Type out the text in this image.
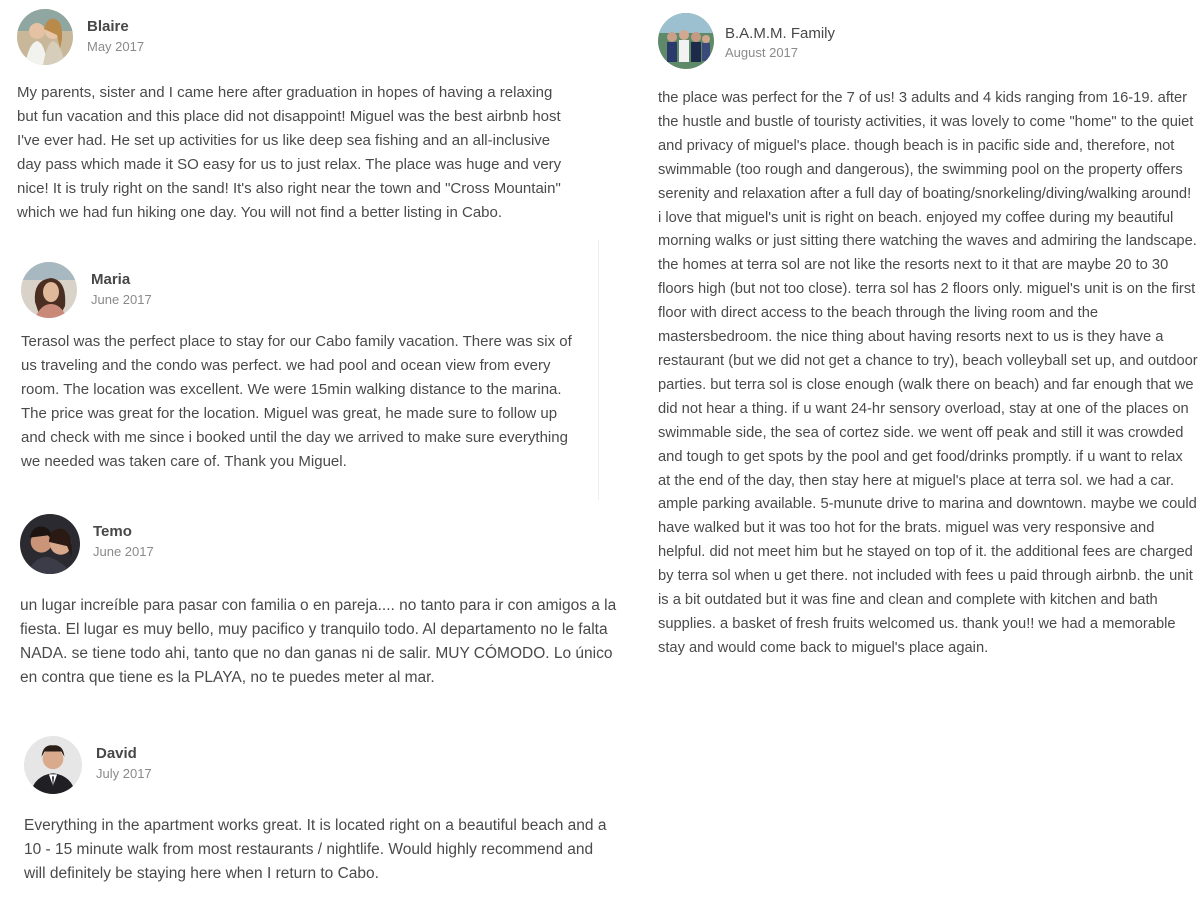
Blaire

May 2017

My parents, sister and I came here after graduation in hopes of having a relaxing but fun vacation and this place did not disappoint! Miguel was the best airbnb host I've ever had. He set up activities for us like deep sea fishing and an all-inclusive day pass which made it SO easy for us to just relax. The place was huge and very nice! It is truly right on the sand! It's also right near the town and "Cross Mountain" which we had fun hiking one day. You will not find a better listing in Cabo.

Maria

June 2017

Terasol was the perfect place to stay for our Cabo family vacation. There was six of us traveling and the condo was perfect. we had pool and ocean view from every room. The location was excellent. We were 15min walking distance to the marina. The price was great for the location. Miguel was great, he made sure to follow up and check with me since i booked until the day we arrived to make sure everything we needed was taken care of. Thank you Miguel.

Temo

June 2017

un lugar increíble para pasar con familia o en pareja.... no tanto para ir con amigos a la fiesta. El lugar es muy bello, muy pacifico y tranquilo todo. Al departamento no le falta NADA. se tiene todo ahi, tanto que no dan ganas ni de salir. MUY CÓMODO. Lo único en contra que tiene es la PLAYA, no te puedes meter al mar.

David

July 2017

Everything in the apartment works great. It is located right on a beautiful beach and a 10 - 15 minute walk from most restaurants / nightlife. Would highly recommend and will definitely be staying here when I return to Cabo.

B.A.M.M. Family

August 2017

the place was perfect for the 7 of us! 3 adults and 4 kids ranging from 16-19. after the hustle and bustle of touristy activities, it was lovely to come "home" to the quiet and privacy of miguel's place. though beach is in pacific side and, therefore, not swimmable (too rough and dangerous), the swimming pool on the property offers serenity and relaxation after a full day of boating/snorkeling/diving/walking around! i love that miguel's unit is right on beach. enjoyed my coffee during my beautiful morning walks or just sitting there watching the waves and admiring the landscape. the homes at terra sol are not like the resorts next to it that are maybe 20 to 30 floors high (but not too close). terra sol has 2 floors only. miguel's unit is on the first floor with direct access to the beach through the living room and the mastersbedroom. the nice thing about having resorts next to us is they have a restaurant (but we did not get a chance to try), beach volleyball set up, and outdoor parties. but terra sol is close enough (walk there on beach) and far enough that we did not hear a thing. if u want 24-hr sensory overload, stay at one of the places on swimmable side, the sea of cortez side. we went off peak and still it was crowded and tough to get spots by the pool and get food/drinks promptly. if u want to relax at the end of the day, then stay here at miguel's place at terra sol. we had a car. ample parking available. 5-munute drive to marina and downtown. maybe we could have walked but it was too hot for the brats. miguel was very responsive and helpful. did not meet him but he stayed on top of it. the additional fees are charged by terra sol when u get there. not included with fees u paid through airbnb. the unit is a bit outdated but it was fine and clean and complete with kitchen and bath supplies. a basket of fresh fruits welcomed us. thank you!! we had a memorable stay and would come back to miguel's place again.
